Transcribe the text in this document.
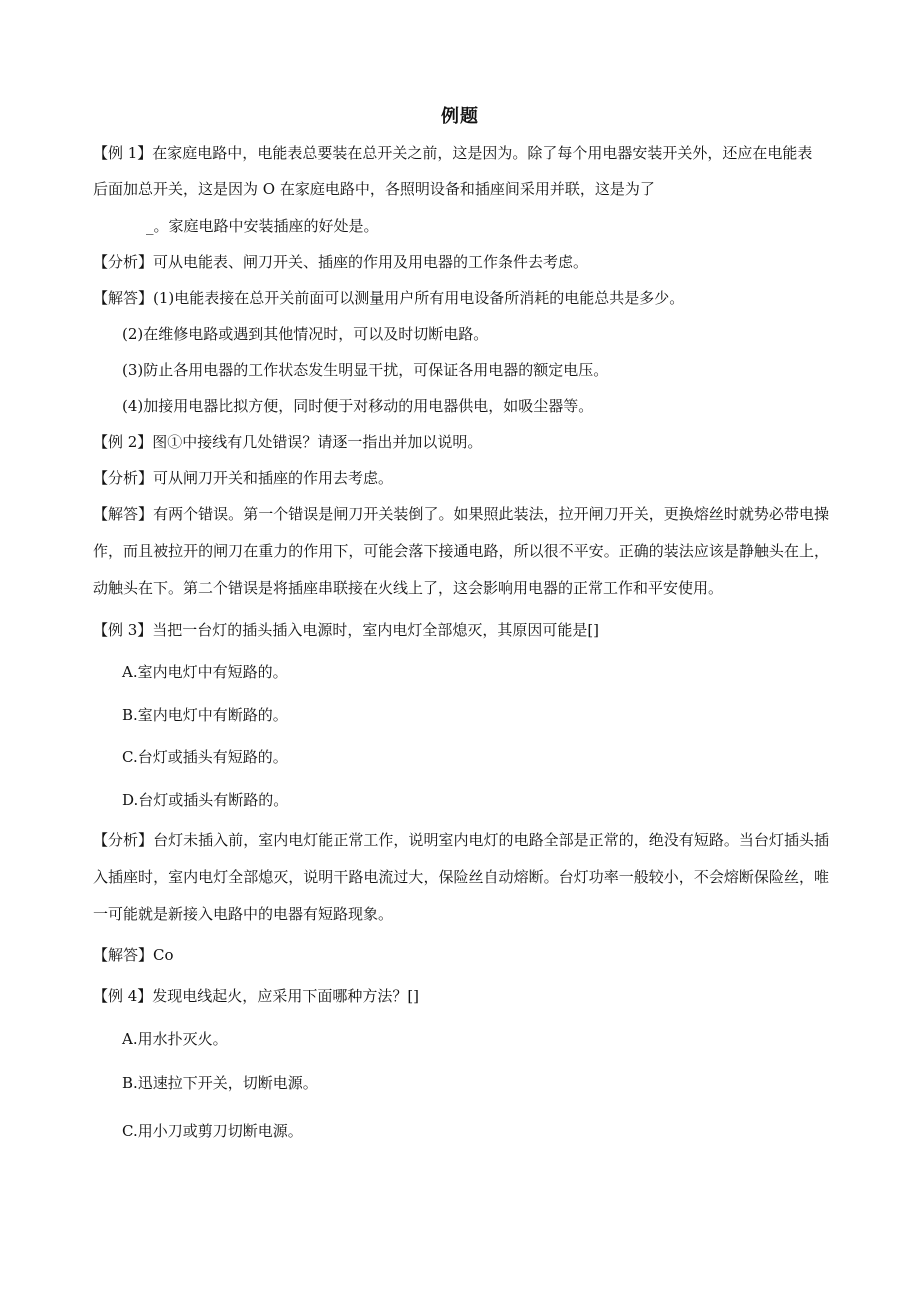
例题
【例 1】在家庭电路中，电能表总要装在总开关之前，这是因为。除了每个用电器安装开关外，还应在电能表
后面加总开关，这是因为 O 在家庭电路中，各照明设备和插座间采用并联，这是为了
_。家庭电路中安装插座的好处是。
【分析】可从电能表、闸刀开关、插座的作用及用电器的工作条件去考虑。
【解答】(1)电能表接在总开关前面可以测量用户所有用电设备所消耗的电能总共是多少。
(2)在维修电路或遇到其他情况时，可以及时切断电路。
(3)防止各用电器的工作状态发生明显干扰，可保证各用电器的额定电压。
(4)加接用电器比拟方便，同时便于对移动的用电器供电，如吸尘器等。
【例 2】图①中接线有几处错误？请逐一指出并加以说明。
【分析】可从闸刀开关和插座的作用去考虑。
【解答】有两个错误。第一个错误是闸刀开关装倒了。如果照此装法，拉开闸刀开关，更换熔丝时就势必带电操作，而且被拉开的闸刀在重力的作用下，可能会落下接通电路，所以很不平安。正确的装法应该是静触头在上，动触头在下。第二个错误是将插座串联接在火线上了，这会影响用电器的正常工作和平安使用。
【例 3】当把一台灯的插头插入电源时，室内电灯全部熄灭，其原因可能是[]
A.室内电灯中有短路的。
B.室内电灯中有断路的。
C.台灯或插头有短路的。
D.台灯或插头有断路的。
【分析】台灯未插入前，室内电灯能正常工作，说明室内电灯的电路全部是正常的，绝没有短路。当台灯插头插入插座时，室内电灯全部熄灭，说明干路电流过大，保险丝自动熔断。台灯功率一般较小，不会熔断保险丝，唯一可能就是新接入电路中的电器有短路现象。
【解答】Co
【例 4】发现电线起火，应采用下面哪种方法？[]
A.用水扑灭火。
B.迅速拉下开关，切断电源。
C.用小刀或剪刀切断电源。
